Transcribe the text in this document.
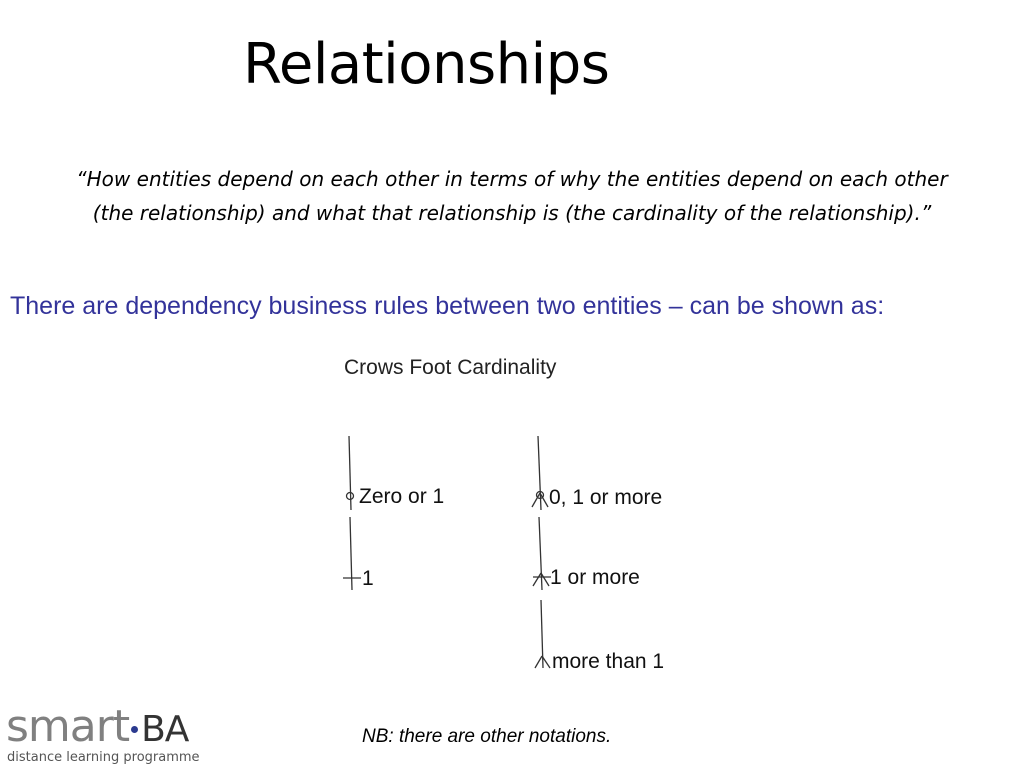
Relationships
“How entities depend on each other in terms of why the entities depend on each other
(the relationship) and what that relationship is (the cardinality of the relationship).”
There are dependency business rules between two entities – can be shown as:
Crows Foot Cardinality
Zero or 1
1
0, 1 or more
1 or more
more than 1
NB: there are other notations.
smart BA
distance learning programme
